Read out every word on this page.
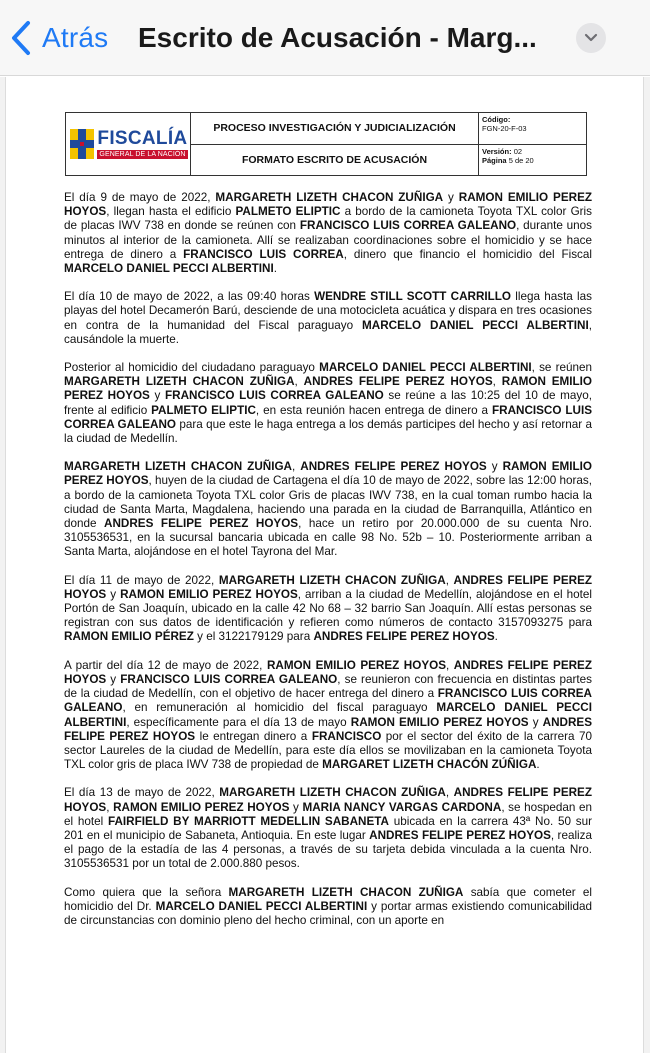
Atrás Escrito de Acusación - Marg...
FISCALÍA
GENERAL DE LA NACIÓN
PROCESO INVESTIGACIÓN Y JUDICIALIZACIÓN
FORMATO ESCRITO DE ACUSACIÓN
Código:
FGN-20-F-03
Versión: 02
Página 5 de 20

El día 9 de mayo de 2022, MARGARETH LIZETH CHACON ZUÑIGA y RAMON EMILIO PEREZ HOYOS, llegan hasta el edificio PALMETO ELIPTIC a bordo de la camioneta Toyota TXL color Gris de placas IWV 738 en donde se reúnen con FRANCISCO LUIS CORREA GALEANO, durante unos minutos al interior de la camioneta. Allí se realizaban coordinaciones sobre el homicidio y se hace entrega de dinero a FRANCISCO LUIS CORREA, dinero que financio el homicidio del Fiscal MARCELO DANIEL PECCI ALBERTINI.

El día 10 de mayo de 2022, a las 09:40 horas WENDRE STILL SCOTT CARRILLO llega hasta las playas del hotel Decamerón Barú, desciende de una motocicleta acuática y dispara en tres ocasiones en contra de la humanidad del Fiscal paraguayo MARCELO DANIEL PECCI ALBERTINI, causándole la muerte.

Posterior al homicidio del ciudadano paraguayo MARCELO DANIEL PECCI ALBERTINI, se reúnen MARGARETH LIZETH CHACON ZUÑIGA, ANDRES FELIPE PEREZ HOYOS, RAMON EMILIO PEREZ HOYOS y FRANCISCO LUIS CORREA GALEANO se reúne a las 10:25 del 10 de mayo, frente al edificio PALMETO ELIPTIC, en esta reunión hacen entrega de dinero a FRANCISCO LUIS CORREA GALEANO para que este le haga entrega a los demás participes del hecho y así retornar a la ciudad de Medellín.

MARGARETH LIZETH CHACON ZUÑIGA, ANDRES FELIPE PEREZ HOYOS y RAMON EMILIO PEREZ HOYOS, huyen de la ciudad de Cartagena el día 10 de mayo de 2022, sobre las 12:00 horas, a bordo de la camioneta Toyota TXL color Gris de placas IWV 738, en la cual toman rumbo hacia la ciudad de Santa Marta, Magdalena, haciendo una parada en la ciudad de Barranquilla, Atlántico en donde ANDRES FELIPE PEREZ HOYOS, hace un retiro por 20.000.000 de su cuenta Nro. 3105536531, en la sucursal bancaria ubicada en calle 98 No. 52b – 10. Posteriormente arriban a Santa Marta, alojándose en el hotel Tayrona del Mar.

El día 11 de mayo de 2022, MARGARETH LIZETH CHACON ZUÑIGA, ANDRES FELIPE PEREZ HOYOS y RAMON EMILIO PEREZ HOYOS, arriban a la ciudad de Medellín, alojándose en el hotel Portón de San Joaquín, ubicado en la calle 42 No 68 – 32 barrio San Joaquín. Allí estas personas se registran con sus datos de identificación y refieren como números de contacto 3157093275 para RAMON EMILIO PÉREZ y el 3122179129 para ANDRES FELIPE PEREZ HOYOS.

A partir del día 12 de mayo de 2022, RAMON EMILIO PEREZ HOYOS, ANDRES FELIPE PEREZ HOYOS y FRANCISCO LUIS CORREA GALEANO, se reunieron con frecuencia en distintas partes de la ciudad de Medellín, con el objetivo de hacer entrega del dinero a FRANCISCO LUIS CORREA GALEANO, en remuneración al homicidio del fiscal paraguayo MARCELO DANIEL PECCI ALBERTINI, específicamente para el día 13 de mayo RAMON EMILIO PEREZ HOYOS y ANDRES FELIPE PEREZ HOYOS le entregan dinero a FRANCISCO por el sector del éxito de la carrera 70 sector Laureles de la ciudad de Medellín, para este día ellos se movilizaban en la camioneta Toyota TXL color gris de placa IWV 738 de propiedad de MARGARET LIZETH CHACÓN ZÚÑIGA.

El día 13 de mayo de 2022, MARGARETH LIZETH CHACON ZUÑIGA, ANDRES FELIPE PEREZ HOYOS, RAMON EMILIO PEREZ HOYOS y MARIA NANCY VARGAS CARDONA, se hospedan en el hotel FAIRFIELD BY MARRIOTT MEDELLIN SABANETA ubicada en la carrera 43ª No. 50 sur 201 en el municipio de Sabaneta, Antioquia. En este lugar ANDRES FELIPE PEREZ HOYOS, realiza el pago de la estadía de las 4 personas, a través de su tarjeta debida vinculada a la cuenta Nro. 3105536531 por un total de 2.000.880 pesos.

Como quiera que la señora MARGARETH LIZETH CHACON ZUÑIGA sabía que cometer el homicidio del Dr. MARCELO DANIEL PECCI ALBERTINI y portar armas existiendo comunicabilidad de circunstancias con dominio pleno del hecho criminal, con un aporte en
